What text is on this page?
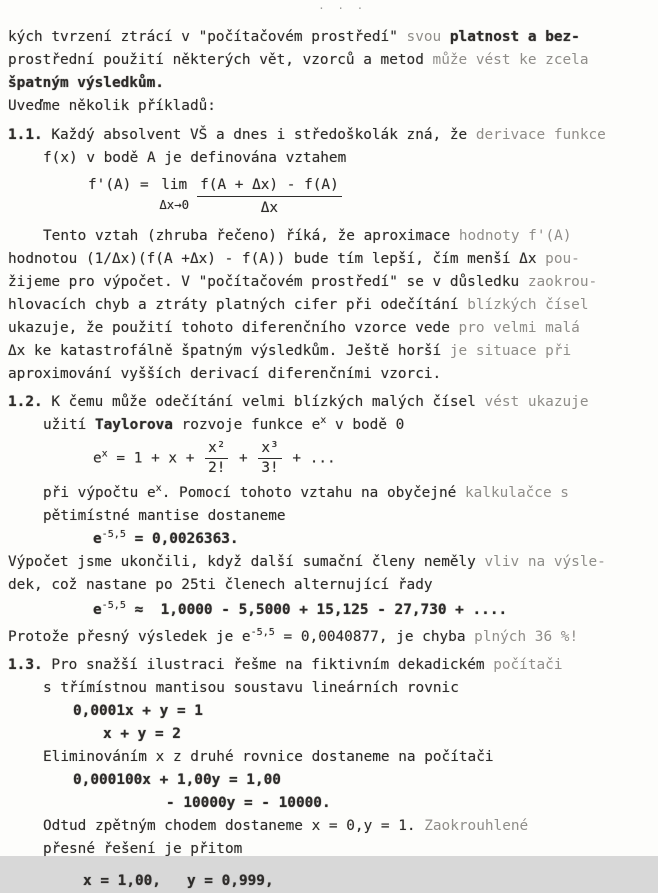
· · ·
kých tvrzení ztrácí v "počítačovém prostředí" svou platnost a bez-
prostřední použití některých vět, vzorců a metod může vést ke zcela
špatným výsledkům.
Uveďme několik příkladů:
1.1. Každý absolvent VŠ a dnes i středoškolák zná, že derivace funkce
f(x) v bodě A je definována vztahem
f'(A) = lim
$\Delta x\to 0 \frac{f(A + \Delta x) - f(A)}{\Delta x}$
Tento vztah (zhruba řečeno) říká, že aproximace hodnoty f'(A)
hodnotou (1/Δx)(f(A +Δx) - f(A)) bude tím lepší, čím menší Δx pou-
žijeme pro výpočet. V "počítačovém prostředí" se v důsledku zaokrou-
hlovacích chyb a ztráty platných cifer při odečítání blízkých čísel
ukazuje, že použití tohoto diferenčního vzorce vede pro velmi malá
Δx ke katastrofálně špatným výsledkům. Ještě horší je situace při
aproximování vyšších derivací diferenčními vzorci.
1.2. K čemu může odečítání velmi blízkých malých čísel vést ukazuje
užití Taylorova rozvoje funkce $e^x$ v bodě 0
$e^x = 1 + x + \frac{\text{x²}}{2!} + \frac{\text{x³}}{3!}$ + ...
při výpočtu $e^x$. Pomocí tohoto vztahu na obyčejné kalkulačce s
pětimístné mantise dostaneme
$e^{-5,5} = 0,0026363$.
Výpočet jsme ukončili, když další sumační členy neměly vliv na výsle-
dek, což nastane po 25ti členech alternující řady
$e^{-5,5} \approx 1,0000 - 5,5000 + 15,125 - 27,730$ + ....
Protože přesný výsledek je $e^{-5,5} = 0,0040877$, je chyba plných 36 %!
1.3. Pro snažší ilustraci řešme na fiktivním dekadickém počítači
s třímístnou mantisou soustavu lineárních rovnic
0,0001x + y = 1
x + y = 2
Eliminováním x z druhé rovnice dostaneme na počítači
0,000100x + 1,00y = 1,00
- 10000y = - 10000.
Odtud zpětným chodem dostaneme x = 0,y = 1. Zaokrouhlené
přesné řešení je přitom
x = 1,00,   y = 0,999,
